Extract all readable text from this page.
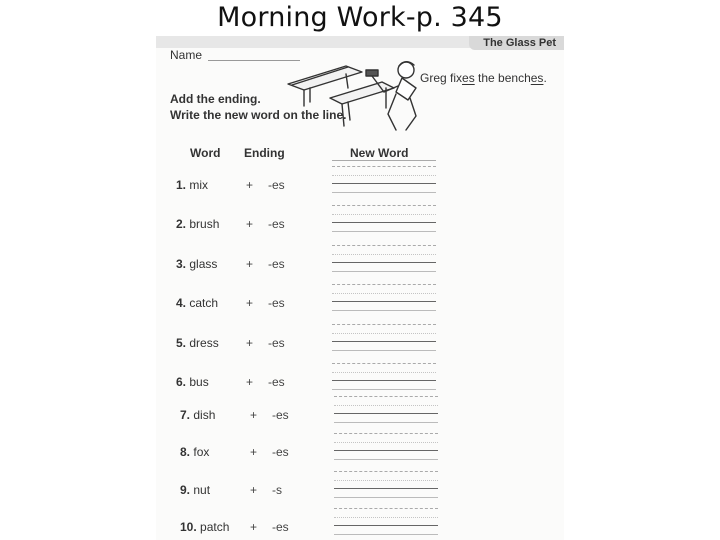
Morning Work-p. 345
The Glass Pet
Name
Greg fixes the benches.
Add the ending.
Write the new word on the line.
Word Ending	New Word
1. mix	+ -es
2. brush + -es
3. glass + -es
4. catch + -es
5. dress + -es
6. bus	+ -es
7. dish	+ -es
8. fox	+ -es
9. nut	+ -s
10. patch + -es
